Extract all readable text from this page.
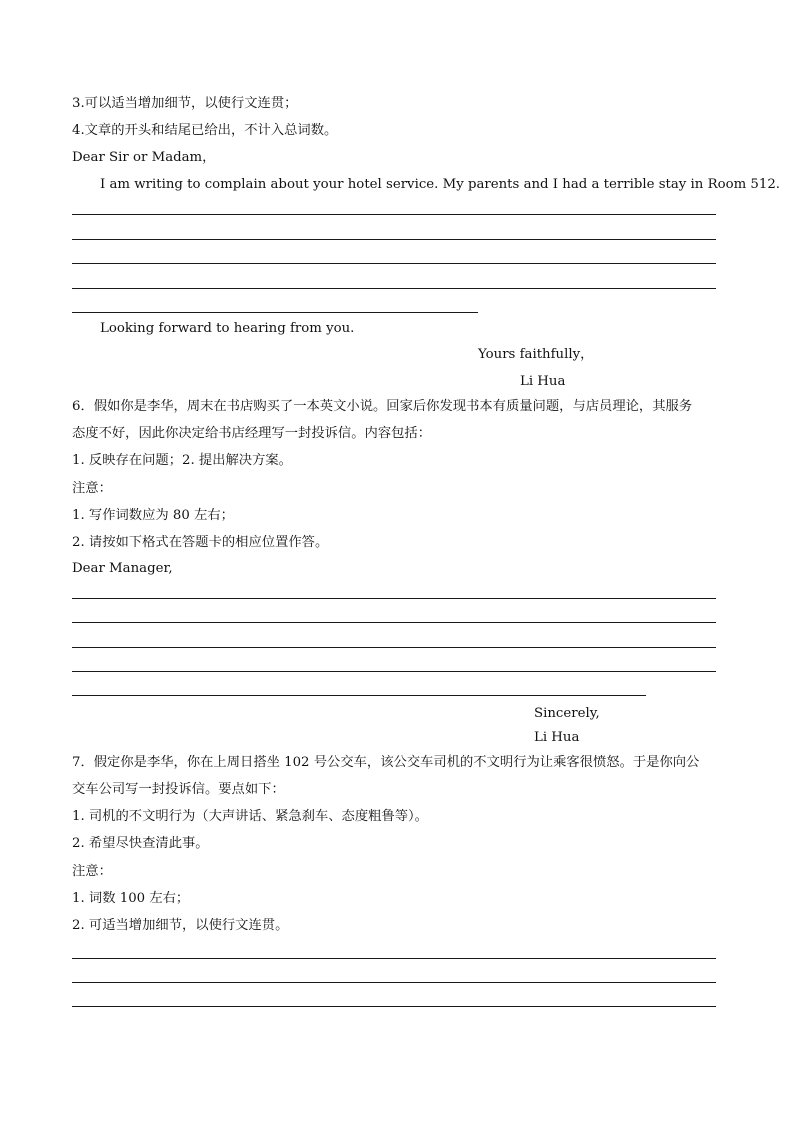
3.可以适当增加细节，以使行文连贯；
4.文章的开头和结尾已给出，不计入总词数。
Dear Sir or Madam，
I am writing to complain about your hotel service. My parents and I had a terrible stay in Room 512.
Looking forward to hearing from you.
Yours faithfully，
Li Hua
6．假如你是李华，周末在书店购买了一本英文小说。回家后你发现书本有质量问题，与店员理论，其服务
态度不好，因此你决定给书店经理写一封投诉信。内容包括：
1. 反映存在问题；2. 提出解决方案。
注意：
1. 写作词数应为 80 左右；
2. 请按如下格式在答题卡的相应位置作答。
Dear Manager,
Sincerely,
Li Hua
7．假定你是李华，你在上周日搭坐 102 号公交车，该公交车司机的不文明行为让乘客很愤怒。于是你向公
交车公司写一封投诉信。要点如下：
1. 司机的不文明行为（大声讲话、紧急刹车、态度粗鲁等）。
2. 希望尽快查清此事。
注意：
1. 词数 100 左右；
2. 可适当增加细节，以使行文连贯。
